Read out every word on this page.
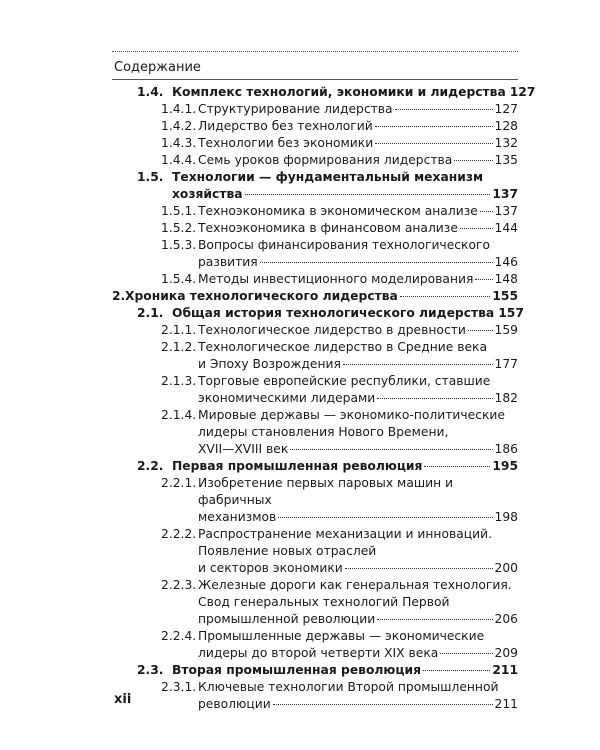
Содержание
1.4. Комплекс технологий, экономики и лидерства 127
1.4.1. Структурирование лидерства	127
1.4.2. Лидерство без технологий	128
1.4.3. Технологии без экономики	132
1.4.4. Семь уроков формирования лидерства	135
1.5. Технологии — фундаментальный механизм
хозяйства	137
1.5.1. Техноэкономика в экономическом анализе 137
1.5.2. Техноэкономика в финансовом анализе	144
1.5.3. Вопросы финансирования технологического
развития	146
1.5.4. Методы инвестиционного моделирования 148
2. Хроника технологического лидерства	155
2.1. Общая история технологического лидерства 157
2.1.1. Технологическое лидерство в древности 159
2.1.2. Технологическое лидерство в Средние века
и Эпоху Возрождения	177
2.1.3. Торговые европейские республики, ставшие
экономическими лидерами	182
2.1.4. Мировые державы — экономико-политические
лидеры становления Нового Времени,
XVII—XVIII век	186
2.2. Первая промышленная революция	195
2.2.1. Изобретение первых паровых машин и фабричных
механизмов	198
2.2.2. Распространение механизации и инноваций.
Появление новых отраслей
и секторов экономики	200
2.2.3. Железные дороги как генеральная технология.
Свод генеральных технологий Первой
промышленной революции	206
2.2.4. Промышленные державы — экономические
лидеры до второй четверти XIX века	209
2.3. Вторая промышленная революция	211
2.3.1. Ключевые технологии Второй промышленной
революции	211
xii
